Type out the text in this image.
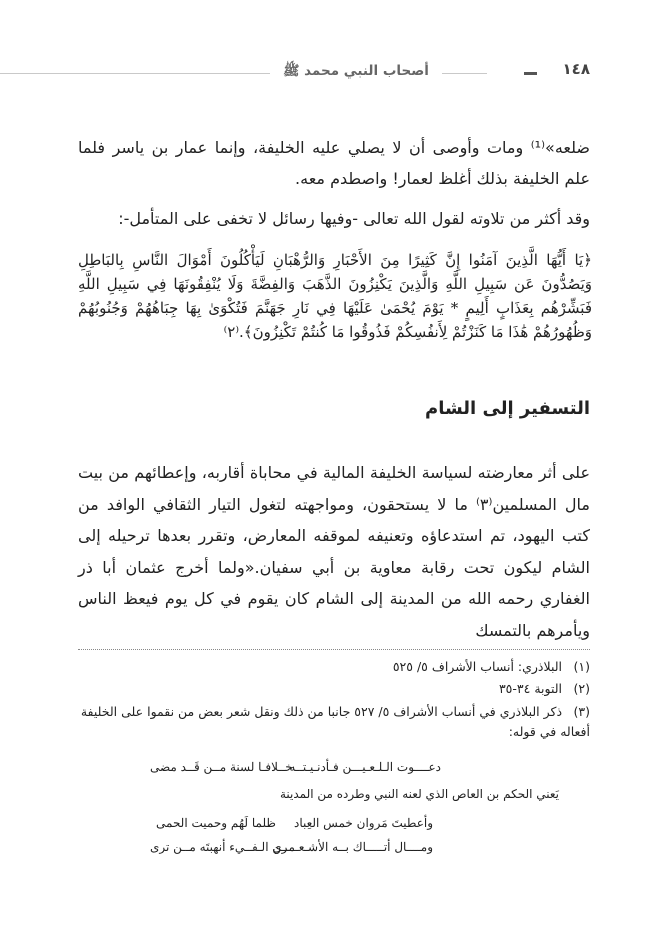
أصحاب النبي محمد ﷺ	١٤٨
ضلعه»⁽¹⁾ ومات وأوصى أن لا يصلي عليه الخليفة، وإنما عمار بن ياسر فلما علم الخليفة بذلك أغلظ لعمار! واصطدم معه.
وقد أكثر من تلاوته لقول الله تعالى -وفيها رسائل لا تخفى على المتأمل-:
﴿يَا أَيُّهَا الَّذِينَ آمَنُوا إِنَّ كَثِيرًا مِنَ الأَحْبَارِ وَالرُّهْبَانِ لَيَأْكُلُونَ أَمْوَالَ النَّاسِ بِالبَاطِلِ وَيَصُدُّونَ عَن سَبِيلِ اللَّهِ وَالَّذِينَ يَكْنِزُونَ الذَّهَبَ وَالفِضَّةَ وَلَا يُنْفِقُونَهَا فِي سَبِيلِ اللَّهِ فَبَشِّرْهُم بِعَذَابٍ أَلِيمٍ * يَوْمَ يُحْمَىٰ عَلَيْهَا فِي نَارِ جَهَنَّمَ فَتُكْوَىٰ بِهَا جِبَاهُهُمْ وَجُنُوبُهُمْ وَظُهُورُهُمْ هَٰذَا مَا كَنَزْتُمْ لِأَنفُسِكُمْ فَذُوقُوا مَا كُنتُمْ تَكْنِزُونَ﴾.⁽٢⁾
التسفير إلى الشام
على أثر معارضته لسياسة الخليفة المالية في محاباة أقاربه، وإعطائهم من بيت مال المسلمين⁽٣⁾ ما لا يستحقون، ومواجهته لتغول التيار الثقافي الوافد من كتب اليهود، تم استدعاؤه وتعنيفه لموقفه المعارض، وتقرر بعدها ترحيله إلى الشام ليكون تحت رقابة معاوية بن أبي سفيان.«ولما أخرج عثمان أبا ذر الغفاري رحمه الله من المدينة إلى الشام كان يقوم في كل يوم فيعظ الناس ويأمرهم بالتمسك
(١) البلاذري: أنساب الأشراف ٥/ ٥٢٥
(٢) التوبة ٣٤-٣٥
(٣) ذكر البلاذري في أنساب الأشراف ٥/ ٥٢٧ جانبا من ذلك ونقل شعر بعض من نقموا على الخليفة أفعاله في قوله:
دعــــوت الـلـعـيـــن فـأدنـيـتــه
خــلافـا لسنة مــن قَــد مضى
يَعني الحكم بن العاص الذي لعنه النبي وطرده من المدينة
وأعطيتَ مَروان خمس العِباد
ظلما لَهُم وحميت الحمى
ومــــال أتـــــاك بــه الأشـعـــري
مــن الـفــيء أنهبتَه مــن ترى
